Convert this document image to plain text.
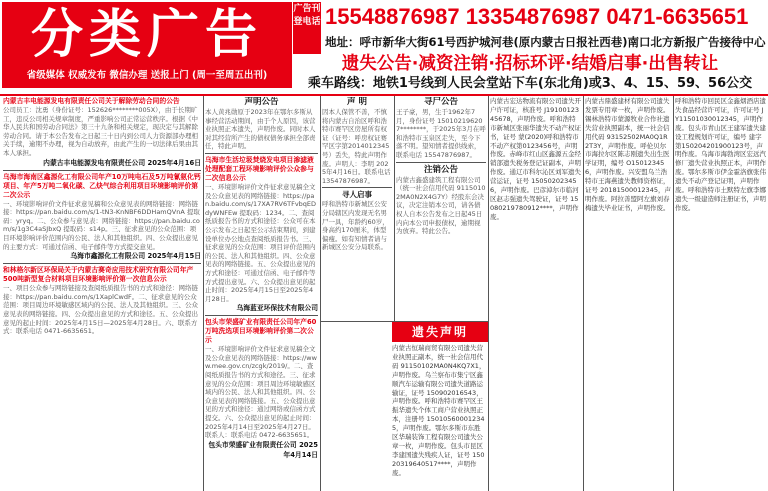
分类广告
省级媒体 权威发布 微信办理 送报上门 (周一至周五出刊)
广告刊登电话 15548876987 13354876987 0471-6635651
地址：呼市新华大街61号西护城河巷(原内蒙古日报社西巷)南口北方新报广告接待中心
遗失公告·减资注销·招标环评·结婚启事·出售转让
乘车路线：地铁1号线到人民会堂站下车(东北角)或3、4、15、59、56公交
内蒙古丰电能源发电有限责任公司关于解除劳动合同的公告

公司员工：沈勇（身份证号：152626********005X），由于长期旷工，违反公司相关规章制度，严重影响公司正常运营秩序。根据《中华人民共和国劳动合同法》第三十九条和相关规定，现决定与其解除劳动合同。请于本公告发布之日起三十日内到公司人力资源部办理相关手续，逾期不办理，视为自动放弃，由此产生的一切法律后果由其本人承担。

内蒙古丰电能源发电有限责任公司 2025年4月16日
乌海市海南区鑫源化工有限公司年产10万吨电石及5万吨氰氨化钙项目、年产5万吨二氧化碳、乙炔气综合利用项目环境影响评价第二次公示

一、环境影响评价文件征求意见稿和公众意见表的网络链接：网络链接：https://pan.baidu.com/s/1-tN3-KnNBF6DDHamQVnA 提取码：yryq。二、公众参与意见表：网络链接：https://pan.baidu.com/s/1g3C4aSJbxQ 提取码：s14p。三、征求意见的公众范围：项目环境影响评价范围内的公民、法人和其他组织。四、公众提出意见的主要方式：可通过信函、电子邮件等方式提交意见。

乌海市鑫源化工有限公司 2025年4月15日
和林格尔新区环保局关于内蒙古赛奇应用技术研究有限公司年产500吨新型复合材料项目环境影响评价第一次信息公示

一、项目公众参与网络链接及查阅纸质报告书的方式和途径：网络链接：https://pan.baidu.com/s/1XaplCwdF。二、征求意见的公众范围：项目周边环境敏感区域内的公民、法人及其他组织。三、公众意见表的网络链接。四、公众提出意见的方式和途径。五、公众提出意见的起止时间：2025年4月15日—2025年4月28日。六、联系方式：联系电话 0471-6635651。

声明公告

本人黄兆勋原于2023年在鄂尔多斯从事经营活动期间，由于个人原因，该营业执照正本遗失，声明作废。同时本人对其经营所产生的债权债务承担全部责任，特此声明。

乌海市生活垃圾焚烧发电项目渗滤液处理配套工程环境影响评价公众参与二次信息公示

一、环境影响评价文件征求意见稿全文及公众意见表的网络链接：https://pan.baidu.com/s/17XA7RV6TFvbqEDdyWNFEw 提取码：1234。二、查阅纸质报告书的方式和途径：公众可在本公示发布之日起至公示结束期间，到建设单位办公地点查阅纸质报告书。三、征求意见的公众范围：项目评价范围内的公民、法人和其他组织。四、公众意见表的网络链接。五、公众提出意见的方式和途径：可通过信函、电子邮件等方式提出意见。六、公众提出意见的起止时间：2025年4月15日至2025年4月28日。

乌海蓝亚环保技术有限公司
包头市荣盛矿业有限责任公司年产60万吨洗选项目环境影响评价第二次公示

一、环境影响评价文件征求意见稿全文及公众意见表的网络链接：https://www.mee.gov.cn/zcgk/2019/。二、查阅纸质报告书的方式和途径。三、征求意见的公众范围：项目周边环境敏感区域内的公民、法人和其他组织。四、公众意见表的网络链接。五、公众提出意见的方式和途径：通过网络或信函方式提交。六、公众提出意见的起止时间：2025年4月14日至2025年4月27日。联系人：联系电话 0472-6635651。

包头市荣盛矿业有限责任公司 2025年4月14日
声 明

因本人保管不善，不慎将内蒙古自治区呼和浩特市赛罕区房屋所有权证（证号：呼房权证赛罕区字第2014012345号）丢失，特此声明作废。声明人：李明 2025年4月16日。联系电话 13547876987。

寻人启事

呼和浩特市新城区公安分局辖区内发现无名男尸一具，年龄约60岁，身高约170厘米，体型偏瘦。如有知情者请与新城区公安分局联系。

寻尸公告

王子豪，男，生于1962年7月，身份证号 150102196207********，于2025年3月在呼和浩特市玉泉区走失，至今下落不明。望知情者提供线索，联系电话 15547876987。

注销公告

内蒙古鑫盛建筑工程有限公司（统一社会信用代码 91150102MA0N2X4G7Y）经股东会决议，决定注销本公司，请各债权人自本公告发布之日起45日内向本公司申报债权，逾期视为放弃。特此公告。

遗失声明
内蒙古恒瑞商贸有限公司遗失营业执照正副本，统一社会信用代码 91150102MA0N4KQ7X1，声明作废。乌兰察布市集宁区鑫顺汽车运输有限公司遗失道路运输证，证号 150902016543，声明作废。呼和浩特市赛罕区王振华遗失个体工商户营业执照正本，注册号 150105600012345，声明作废。鄂尔多斯市东胜区华瑞装饰工程有限公司遗失公章一枚，声明作废。包头市昆区李建国遗失残疾人证，证号 15020319640517****，声明作废。
内蒙古宏达物流有限公司遗失开户许可证，核准号 J1910012345678，声明作废。呼和浩特市新城区张丽华遗失不动产权证书，证号 蒙(2020)呼和浩特市不动产权第0123456号，声明作废。赤峰市红山区鑫源五金经销部遗失税务登记证副本，声明作废。通辽市科尔沁区刘军遗失营运证，证号 150502023456，声明作废。巴彦淖尔市临河区赵志强遗失驾驶证，证号 15080219780912****，声明作废。
内蒙古鼎盛建材有限公司遗失发票专用章一枚，声明作废。锡林浩特市蒙源牧业合作社遗失营业执照副本，统一社会信用代码 93152502MA0Q1R2T3Y，声明作废。呼伦贝尔市海拉尔区陈志刚遗失出生医学证明，编号 O150123456，声明作废。兴安盟乌兰浩特市王海燕遗失教师资格证，证号 20181500012345，声明作废。阿拉善盟阿左旗刘春梅遗失毕业证书，声明作废。
呼和浩特市回民区金鑫烟酒店遗失食品经营许可证，许可证号 JY11501030012345，声明作废。包头市青山区王建军遗失建设工程规划许可证，编号 建字第150204201900123号，声明作废。乌海市海勃湾区宏远汽修厂遗失营业执照正本，声明作废。鄂尔多斯市伊金霍洛旗张伟遗失不动产登记证明，声明作废。呼和浩特市土默特左旗李娜遗失一级建造师注册证书，声明作废。
